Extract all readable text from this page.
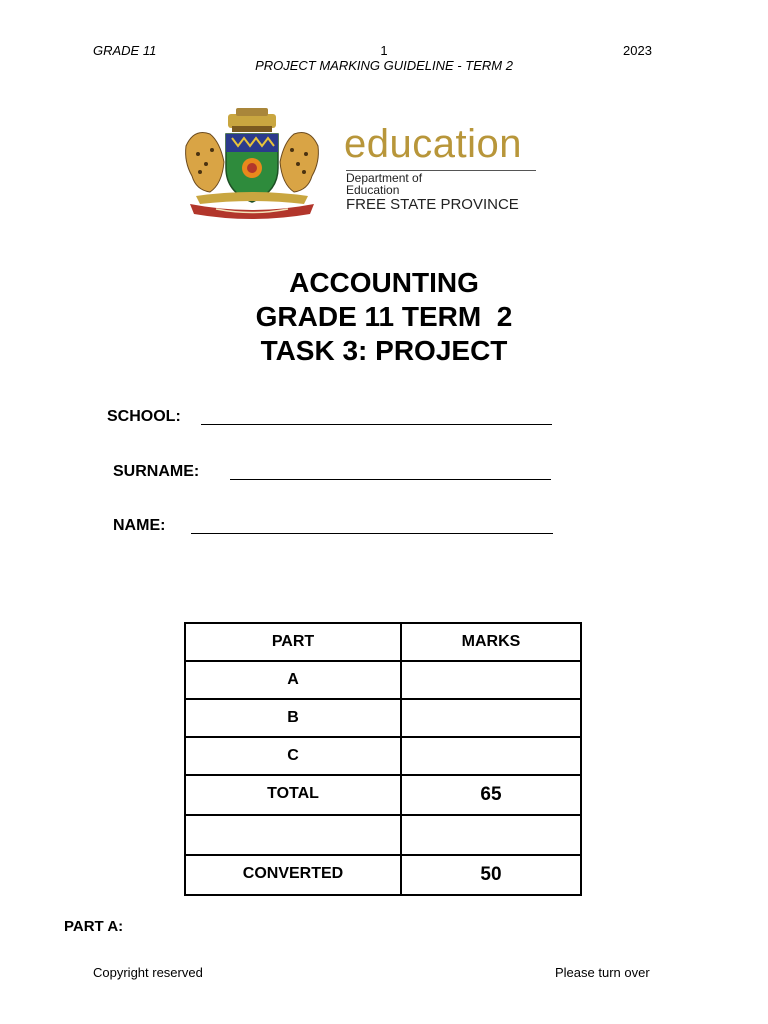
GRADE 11	1	2023
PROJECT MARKING GUIDELINE - TERM 2
education
Department of
Education
FREE STATE PROVINCE
ACCOUNTING
GRADE 11 TERM  2
TASK 3: PROJECT
SCHOOL:
SURNAME:
NAME:
PART	MARKS
A	
B	
C	
TOTAL	65

CONVERTED	50
PART A:
Copyright reserved	Please turn over
